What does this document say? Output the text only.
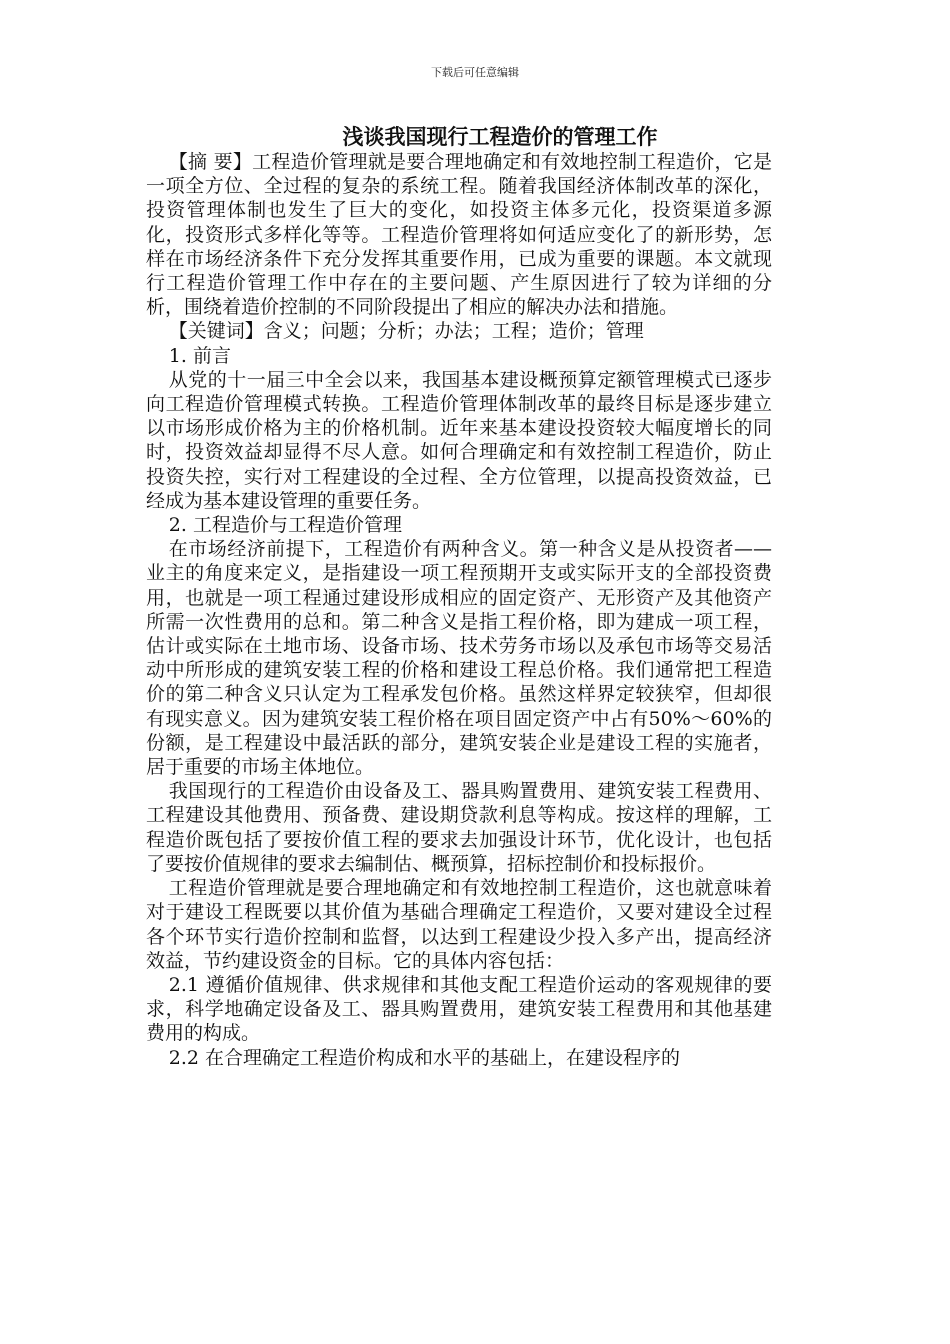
下载后可任意编辑
浅谈我国现行工程造价的管理工作

【摘 要】工程造价管理就是要合理地确定和有效地控制工程造价，它是一项全方位、全过程的复杂的系统工程。随着我国经济体制改革的深化，投资管理体制也发生了巨大的变化，如投资主体多元化，投资渠道多源化，投资形式多样化等等。工程造价管理将如何适应变化了的新形势，怎样在市场经济条件下充分发挥其重要作用，已成为重要的课题。本文就现行工程造价管理工作中存在的主要问题、产生原因进行了较为详细的分析，围绕着造价控制的不同阶段提出了相应的解决办法和措施。

【关键词】含义；问题；分析；办法；工程；造价；管理

1. 前言

从党的十一届三中全会以来，我国基本建设概预算定额管理模式已逐步向工程造价管理模式转换。工程造价管理体制改革的最终目标是逐步建立以市场形成价格为主的价格机制。近年来基本建设投资较大幅度增长的同时，投资效益却显得不尽人意。如何合理确定和有效控制工程造价，防止投资失控，实行对工程建设的全过程、全方位管理，以提高投资效益，已经成为基本建设管理的重要任务。

2. 工程造价与工程造价管理

在市场经济前提下，工程造价有两种含义。第一种含义是从投资者——业主的角度来定义，是指建设一项工程预期开支或实际开支的全部投资费用，也就是一项工程通过建设形成相应的固定资产、无形资产及其他资产所需一次性费用的总和。第二种含义是指工程价格，即为建成一项工程，估计或实际在土地市场、设备市场、技术劳务市场以及承包市场等交易活动中所形成的建筑安装工程的价格和建设工程总价格。我们通常把工程造价的第二种含义只认定为工程承发包价格。虽然这样界定较狭窄，但却很有现实意义。因为建筑安装工程价格在项目固定资产中占有50%～60%的份额，是工程建设中最活跃的部分，建筑安装企业是建设工程的实施者，居于重要的市场主体地位。

我国现行的工程造价由设备及工、器具购置费用、建筑安装工程费用、工程建设其他费用、预备费、建设期贷款利息等构成。按这样的理解，工程造价既包括了要按价值工程的要求去加强设计环节，优化设计，也包括了要按价值规律的要求去编制估、概预算，招标控制价和投标报价。

工程造价管理就是要合理地确定和有效地控制工程造价，这也就意味着对于建设工程既要以其价值为基础合理确定工程造价，又要对建设全过程各个环节实行造价控制和监督，以达到工程建设少投入多产出，提高经济效益，节约建设资金的目标。它的具体内容包括：

2.1 遵循价值规律、供求规律和其他支配工程造价运动的客观规律的要求，科学地确定设备及工、器具购置费用，建筑安装工程费用和其他基建费用的构成。

2.2 在合理确定工程造价构成和水平的基础上，在建设程序的
